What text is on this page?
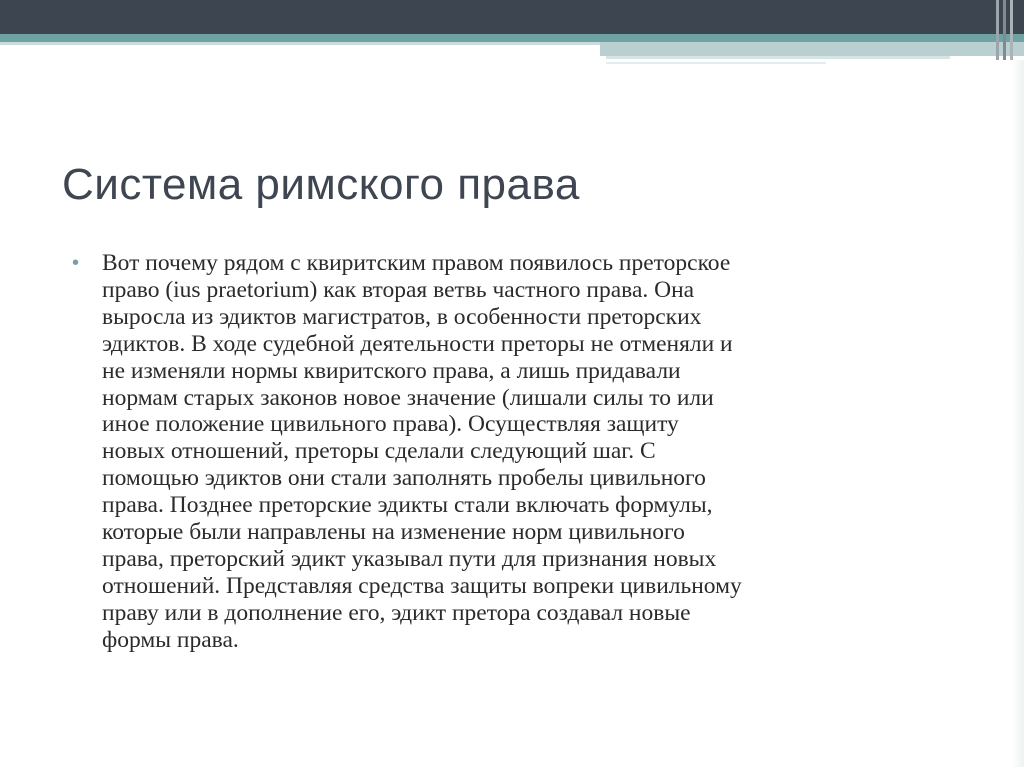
Система римского права
• Вот почему рядом с квиритским правом появилось преторское
право (ius praetorium) как вторая ветвь частного права. Она
выросла из эдиктов магистратов, в особенности преторских
эдиктов. В ходе судебной деятельности преторы не отменяли и
не изменяли нормы квиритского права, а лишь придавали
нормам старых законов новое значение (лишали силы то или
иное положение цивильного права). Осуществляя защиту
новых отношений, преторы сделали следующий шаг. С
помощью эдиктов они стали заполнять пробелы цивильного
права. Позднее преторские эдикты стали включать формулы,
которые были направлены на изменение норм цивильного
права, преторский эдикт указывал пути для признания новых
отношений. Представляя средства защиты вопреки цивильному
праву или в дополнение его, эдикт претора создавал новые
формы права.
